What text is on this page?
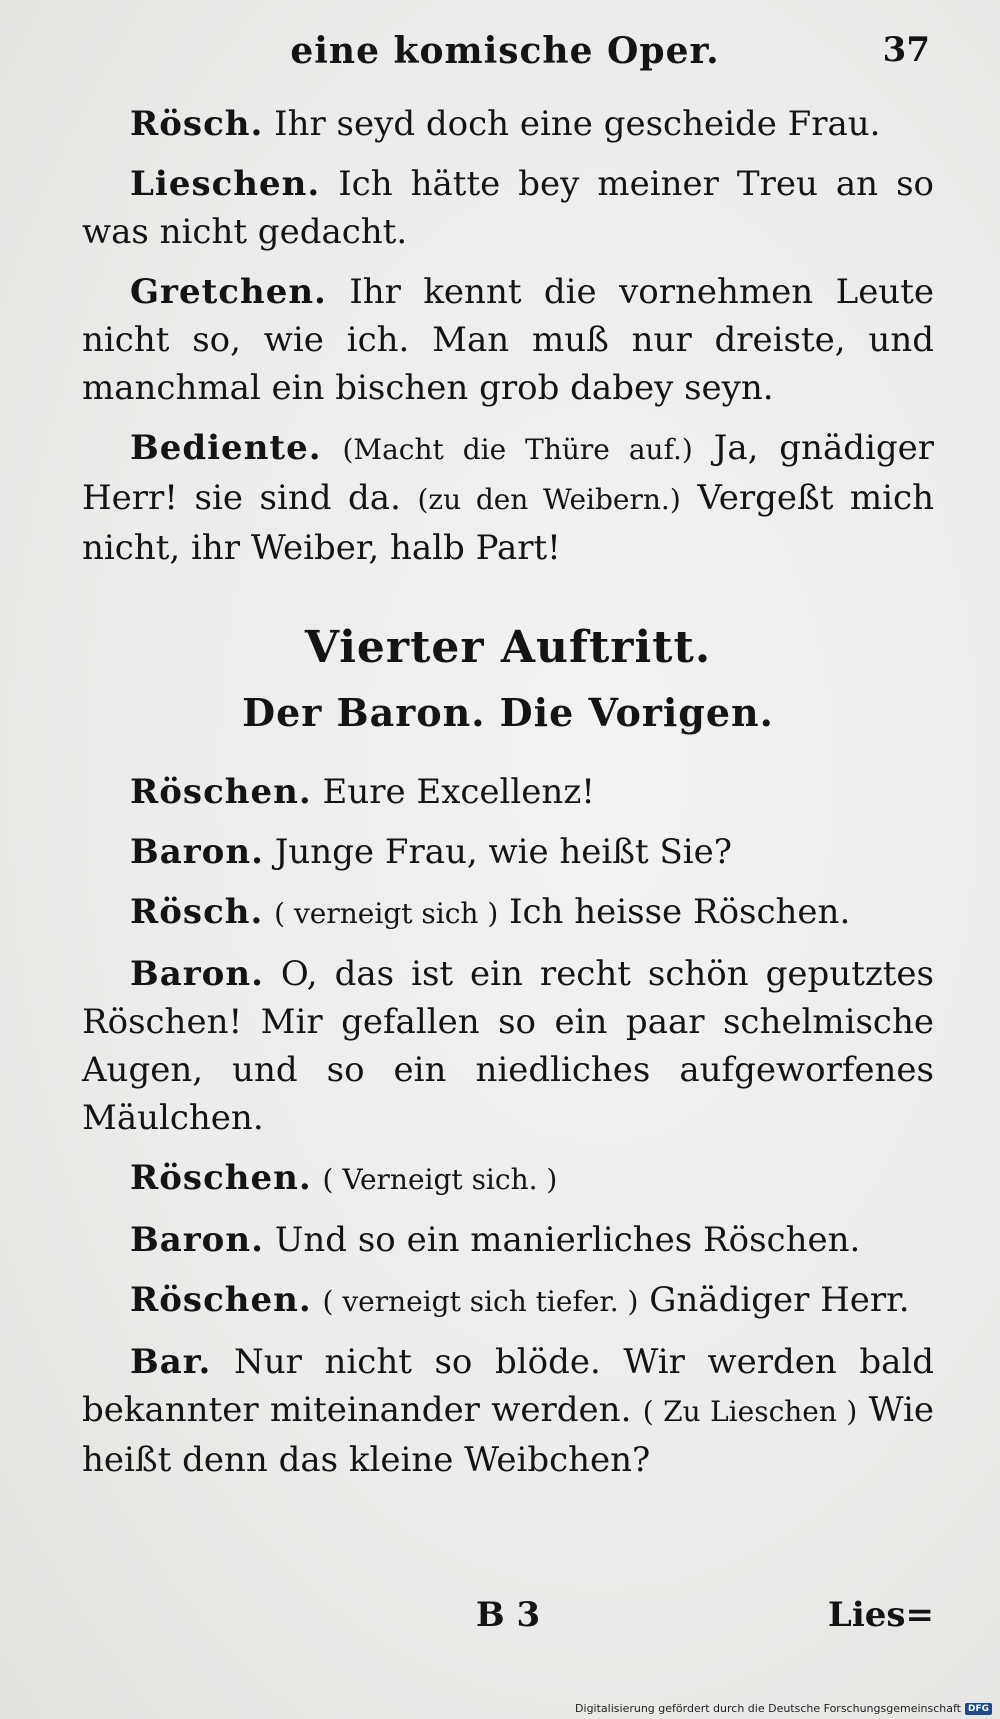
eine komische Oper.	37

Rösch. Ihr seyd doch eine gescheide Frau.

Lieschen. Ich hätte bey meiner Treu an so was nicht gedacht.

Gretchen. Ihr kennt die vornehmen Leute nicht so, wie ich. Man muß nur dreiste, und manchmal ein bischen grob dabey seyn.

Bediente. (Macht die Thüre auf.) Ja, gnädiger Herr! sie sind da. (zu den Weibern.) Vergeßt mich nicht, ihr Weiber, halb Part!

Vierter Auftritt.
Der Baron. Die Vorigen.

Röschen. Eure Excellenz!

Baron. Junge Frau, wie heißt Sie?

Rösch. ( verneigt sich ) Ich heisse Röschen.

Baron. O, das ist ein recht schön geputztes Röschen! Mir gefallen so ein paar schelmische Augen, und so ein niedliches aufgeworfenes Mäulchen.

Röschen. ( Verneigt sich. )

Baron. Und so ein manierliches Röschen.

Röschen. ( verneigt sich tiefer. ) Gnädiger Herr.

Bar. Nur nicht so blöde. Wir werden bald bekannter miteinander werden. ( Zu Lieschen ) Wie heißt denn das kleine Weibchen?

B 3	Lies=
Digitalisierung gefördert durch die Deutsche Forschungsgemeinschaft DFG
